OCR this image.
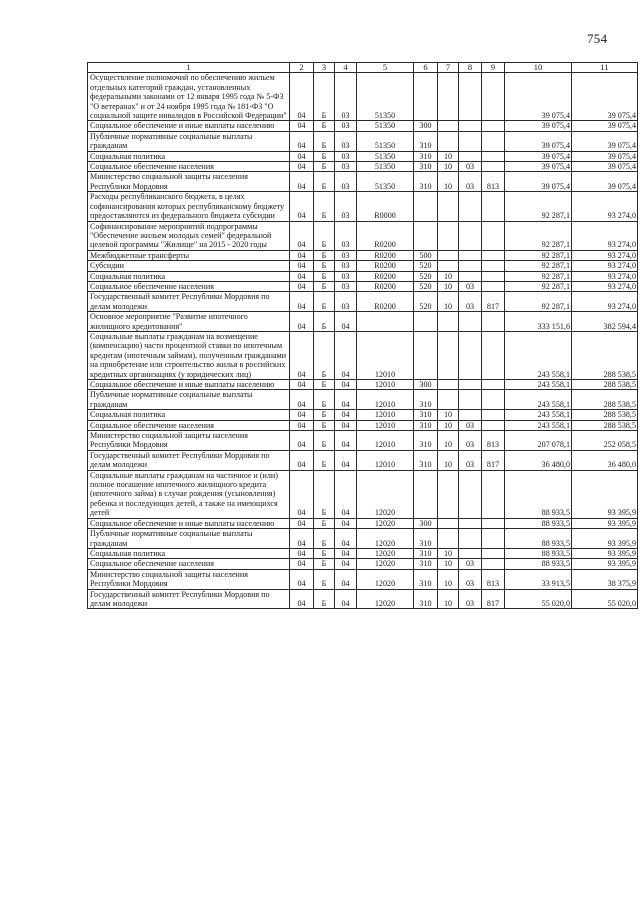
754
1	2	3	4	5	6	7	8	9	10	11
Осуществление полномочий по обеспечению жильем отдельных категорий граждан, установленных федеральными законами от 12 января 1995 года № 5-ФЗ "О ветеранах" и от 24 ноября 1995 года № 181-ФЗ "О социальной защите инвалидов в Российской Федерации"	04	Б	03	51350					39 075,4	39 075,4
Социальное обеспечение и иные выплаты населению	04	Б	03	51350	300				39 075,4	39 075,4
Публичные нормативные социальные выплаты гражданам	04	Б	03	51350	310				39 075,4	39 075,4
Социальная политика	04	Б	03	51350	310	10			39 075,4	39 075,4
Социальное обеспечение населения	04	Б	03	51350	310	10	03		39 075,4	39 075,4
Министерство социальной защиты населения Республики Мордовия	04	Б	03	51350	310	10	03	813	39 075,4	39 075,4
Расходы республиканского бюджета, в целях софинансирования которых республиканскому бюджету предоставляются из федерального бюджета субсидии	04	Б	03	R0000					92 287,1	93 274,0
Софинансирование мероприятий подпрограммы "Обеспечение жильем молодых семей" федеральной целевой программы "Жилище" на 2015 - 2020 годы	04	Б	03	R0200					92 287,1	93 274,0
Межбюджетные трансферты	04	Б	03	R0200	500				92 287,1	93 274,0
Субсидии	04	Б	03	R0200	520				92 287,1	93 274,0
Социальная политика	04	Б	03	R0200	520	10			92 287,1	93 274,0
Социальное обеспечение населения	04	Б	03	R0200	520	10	03		92 287,1	93 274,0
Государственный комитет Республики Мордовия по делам молодежи	04	Б	03	R0200	520	10	03	817	92 287,1	93 274,0
Основное мероприятие "Развитие ипотечного жилищного кредитования"	04	Б	04						333 151,6	382 594,4
Социальные выплаты гражданам на возмещение (компенсацию) части процентной ставки по ипотечным кредитам (ипотечным займам), полученным гражданами на приобретение или строительство жилья в российских кредитных организациях (у юридических лиц)	04	Б	04	12010					243 558,1	288 538,5
Социальное обеспечение и иные выплаты населению	04	Б	04	12010	300				243 558,1	288 538,5
Публичные нормативные социальные выплаты гражданам	04	Б	04	12010	310				243 558,1	288 538,5
Социальная политика	04	Б	04	12010	310	10			243 558,1	288 538,5
Социальное обеспечение населения	04	Б	04	12010	310	10	03		243 558,1	288 538,5
Министерство социальной защиты населения Республики Мордовия	04	Б	04	12010	310	10	03	813	207 078,1	252 058,5
Государственный комитет Республики Мордовия по делам молодежи	04	Б	04	12010	310	10	03	817	36 480,0	36 480,0
Социальные выплаты гражданам на частичное и (или) полное погашение ипотечного жилищного кредита (ипотечного займа) в случае рождения (усыновления) ребенка и последующих детей, а также на имеющихся детей	04	Б	04	12020					88 933,5	93 395,9
Социальное обеспечение и иные выплаты населению	04	Б	04	12020	300				88 933,5	93 395,9
Публичные нормативные социальные выплаты гражданам	04	Б	04	12020	310				88 933,5	93 395,9
Социальная политика	04	Б	04	12020	310	10			88 933,5	93 395,9
Социальное обеспечение населения	04	Б	04	12020	310	10	03		88 933,5	93 395,9
Министерство социальной защиты населения Республики Мордовия	04	Б	04	12020	310	10	03	813	33 913,5	38 375,9
Государственный комитет Республики Мордовия по делам молодежи	04	Б	04	12020	310	10	03	817	55 020,0	55 020,0
